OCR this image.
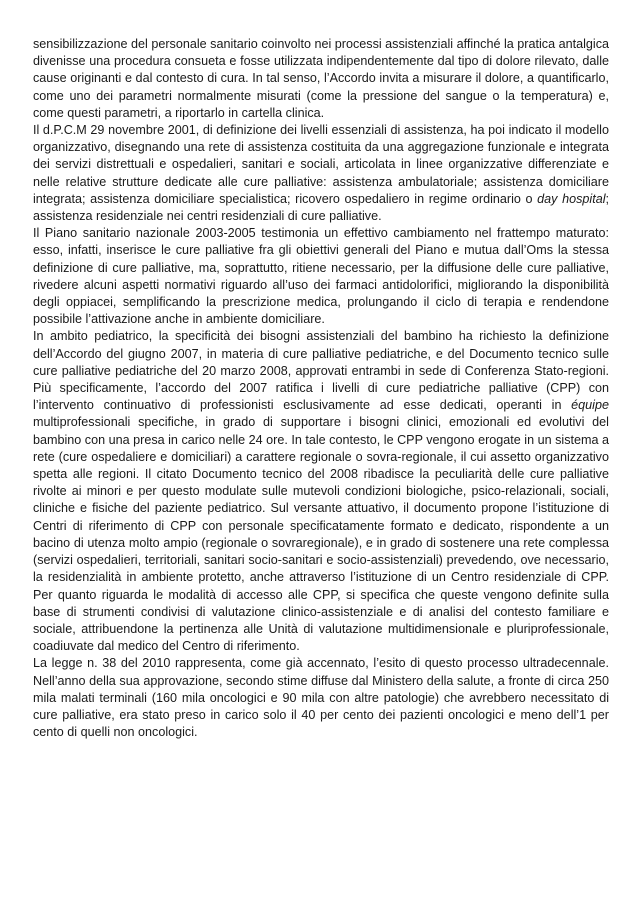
sensibilizzazione del personale sanitario coinvolto nei processi assistenziali affinché la pratica antalgica divenisse una procedura consueta e fosse utilizzata indipendentemente dal tipo di dolore rilevato, dalle cause originanti e dal contesto di cura. In tal senso, l’Accordo invita a misurare il dolore, a quantificarlo, come uno dei parametri normalmente misurati (come la pressione del sangue o la temperatura) e, come questi parametri, a riportarlo in cartella clinica.

Il d.P.C.M 29 novembre 2001, di definizione dei livelli essenziali di assistenza, ha poi indicato il modello organizzativo, disegnando una rete di assistenza costituita da una aggregazione funzionale e integrata dei servizi distrettuali e ospedalieri, sanitari e sociali, articolata in linee organizzative differenziate e nelle relative strutture dedicate alle cure palliative: assistenza ambulatoriale; assistenza domiciliare integrata; assistenza domiciliare specialistica; ricovero ospedaliero in regime ordinario o day hospital; assistenza residenziale nei centri residenziali di cure palliative.

Il Piano sanitario nazionale 2003-2005 testimonia un effettivo cambiamento nel frattempo maturato: esso, infatti, inserisce le cure palliative fra gli obiettivi generali del Piano e mutua dall’Oms la stessa definizione di cure palliative, ma, soprattutto, ritiene necessario, per la diffusione delle cure palliative, rivedere alcuni aspetti normativi riguardo all’uso dei farmaci antidolorifici, migliorando la disponibilità degli oppiacei, semplificando la prescrizione medica, prolungando il ciclo di terapia e rendendone possibile l’attivazione anche in ambiente domiciliare.

In ambito pediatrico, la specificità dei bisogni assistenziali del bambino ha richiesto la definizione dell’Accordo del giugno 2007, in materia di cure palliative pediatriche, e del Documento tecnico sulle cure palliative pediatriche del 20 marzo 2008, approvati entrambi in sede di Conferenza Stato-regioni. Più specificamente, l’accordo del 2007 ratifica i livelli di cure pediatriche palliative (CPP) con l’intervento continuativo di professionisti esclusivamente ad esse dedicati, operanti in équipe multiprofessionali specifiche, in grado di supportare i bisogni clinici, emozionali ed evolutivi del bambino con una presa in carico nelle 24 ore. In tale contesto, le CPP vengono erogate in un sistema a rete (cure ospedaliere e domiciliari) a carattere regionale o sovra-regionale, il cui assetto organizzativo spetta alle regioni. Il citato Documento tecnico del 2008 ribadisce la peculiarità delle cure palliative rivolte ai minori e per questo modulate sulle mutevoli condizioni biologiche, psico-relazionali, sociali, cliniche e fisiche del paziente pediatrico. Sul versante attuativo, il documento propone l’istituzione di Centri di riferimento di CPP con personale specificatamente formato e dedicato, rispondente a un bacino di utenza molto ampio (regionale o sovraregionale), e in grado di sostenere una rete complessa (servizi ospedalieri, territoriali, sanitari socio-sanitari e socio-assistenziali) prevedendo, ove necessario, la residenzialità in ambiente protetto, anche attraverso l’istituzione di un Centro residenziale di CPP. Per quanto riguarda le modalità di accesso alle CPP, si specifica che queste vengono definite sulla base di strumenti condivisi di valutazione clinico-assistenziale e di analisi del contesto familiare e sociale, attribuendone la pertinenza alle Unità di valutazione multidimensionale e pluriprofessionale, coadiuvate dal medico del Centro di riferimento.

La legge n. 38 del 2010 rappresenta, come già accennato, l’esito di questo processo ultradecennale. Nell’anno della sua approvazione, secondo stime diffuse dal Ministero della salute, a fronte di circa 250 mila malati terminali (160 mila oncologici e 90 mila con altre patologie) che avrebbero necessitato di cure palliative, era stato preso in carico solo il 40 per cento dei pazienti oncologici e meno dell’1 per cento di quelli non oncologici.
